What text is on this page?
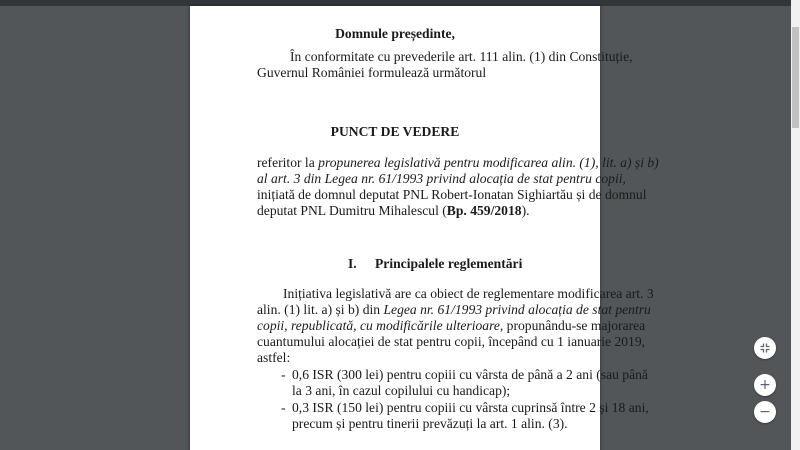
Domnule președinte,
În conformitate cu prevederile art. 111 alin. (1) din Constituție,
Guvernul României formulează următorul
PUNCT DE VEDERE
referitor la propunerea legislativă pentru modificarea alin. (1), lit. a) și b)
al art. 3 din Legea nr. 61/1993 privind alocația de stat pentru copii,
inițiată de domnul deputat PNL Robert-Ionatan Sighiartău și de domnul
deputat PNL Dumitru Mihalescul (Bp. 459/2018).
I. Principalele reglementări
Inițiativa legislativă are ca obiect de reglementare modificarea art. 3
alin. (1) lit. a) și b) din Legea nr. 61/1993 privind alocația de stat pentru
copii, republicată, cu modificările ulterioare, propunându-se majorarea
cuantumului alocației de stat pentru copii, începând cu 1 ianuarie 2019,
astfel:
- 0,6 ISR (300 lei) pentru copiii cu vârsta de până a 2 ani (sau până
la 3 ani, în cazul copilului cu handicap);
- 0,3 ISR (150 lei) pentru copiii cu vârsta cuprinsă între 2 și 18 ani,
precum și pentru tinerii prevăzuți la art. 1 alin. (3).
+
−
